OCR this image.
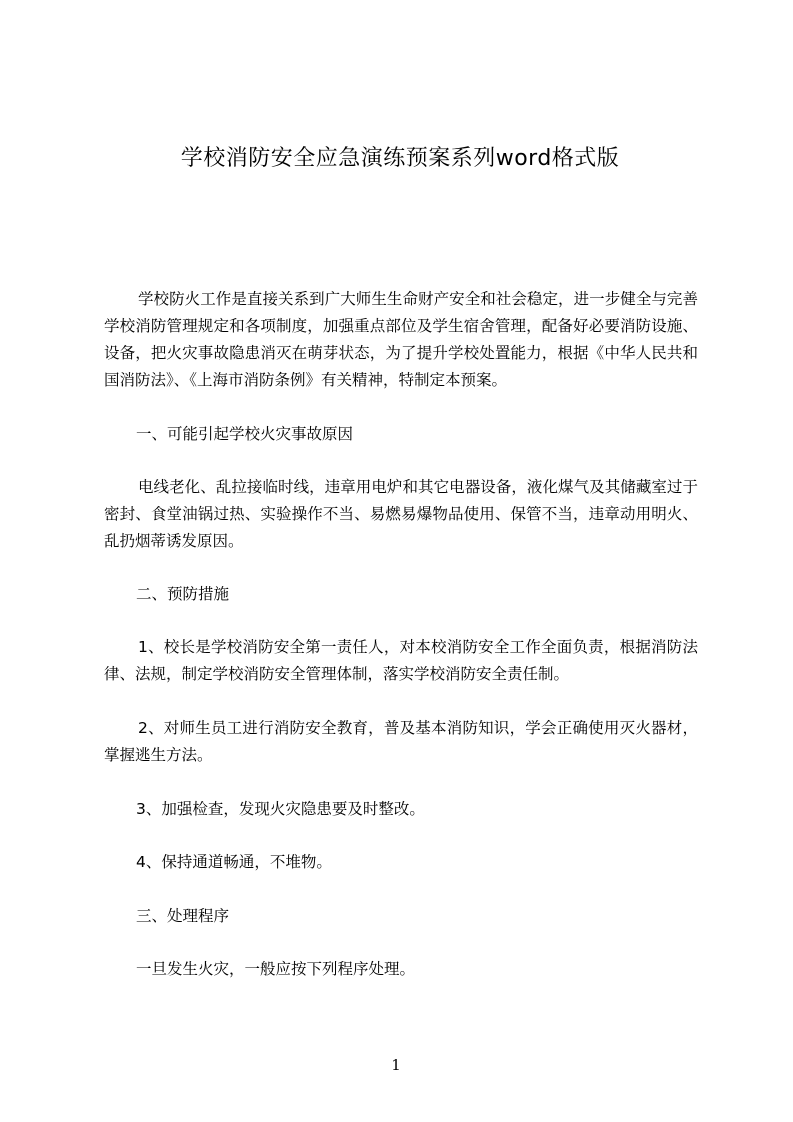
学校消防安全应急演练预案系列word格式版

学校防火工作是直接关系到广大师生生命财产安全和社会稳定，进一步健全与完善学校消防管理规定和各项制度，加强重点部位及学生宿舍管理，配备好必要消防设施、设备，把火灾事故隐患消灭在萌芽状态，为了提升学校处置能力，根据《中华人民共和国消防法》、《上海市消防条例》有关精神，特制定本预案。

一、可能引起学校火灾事故原因

电线老化、乱拉接临时线，违章用电炉和其它电器设备，液化煤气及其储藏室过于密封、食堂油锅过热、实验操作不当、易燃易爆物品使用、保管不当，违章动用明火、乱扔烟蒂诱发原因。

二、预防措施

1、校长是学校消防安全第一责任人，对本校消防安全工作全面负责，根据消防法律、法规，制定学校消防安全管理体制，落实学校消防安全责任制。

2、对师生员工进行消防安全教育，普及基本消防知识，学会正确使用灭火器材，掌握逃生方法。

3、加强检查，发现火灾隐患要及时整改。

4、保持通道畅通，不堆物。

三、处理程序

一旦发生火灾，一般应按下列程序处理。

1
